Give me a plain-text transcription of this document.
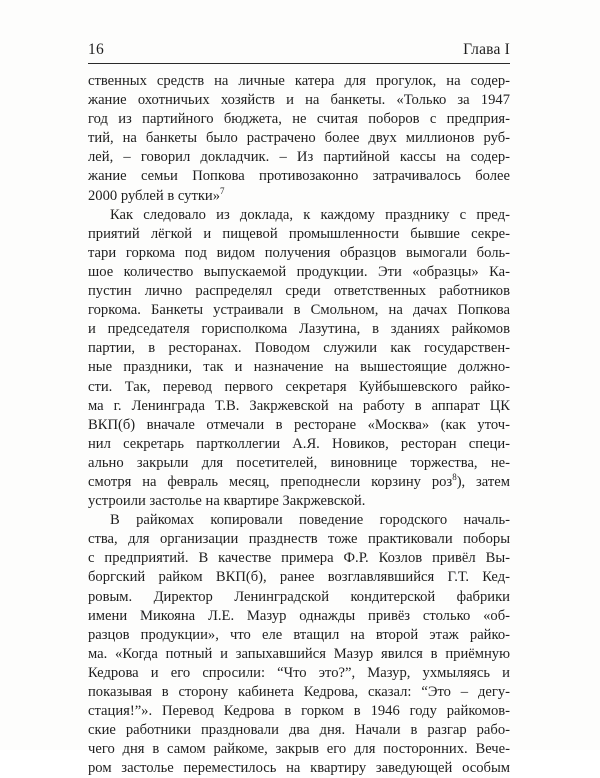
16	Глава I
ственных средств на личные катера для прогулок, на содер-
жание охотничьих хозяйств и на банкеты. «Только за 1947
год из партийного бюджета, не считая поборов с предприя-
тий, на банкеты было растрачено более двух миллионов руб-
лей, – говорил докладчик. – Из партийной кассы на содер-
жание семьи Попкова противозаконно затрачивалось более
2000 рублей в сутки»$^7$
Как следовало из доклада, к каждому празднику с пред-
приятий лёгкой и пищевой промышленности бывшие секре-
тари горкома под видом получения образцов вымогали боль-
шое количество выпускаемой продукции. Эти «образцы» Ка-
пустин лично распределял среди ответственных работников
горкома. Банкеты устраивали в Смольном, на дачах Попкова
и председателя горисполкома Лазутина, в зданиях райкомов
партии, в ресторанах. Поводом служили как государствен-
ные праздники, так и назначение на вышестоящие должно-
сти. Так, перевод первого секретаря Куйбышевского райко-
ма г. Ленинграда Т.В. Закржевской на работу в аппарат ЦК
ВКП(б) вначале отмечали в ресторане «Москва» (как уточ-
нил секретарь партколлегии А.Я. Новиков, ресторан специ-
ально закрыли для посетителей, виновнице торжества, не-
смотря на февраль месяц, преподнесли корзину роз$^8$), затем
устроили застолье на квартире Закржевской.
В райкомах копировали поведение городского началь-
ства, для организации празднеств тоже практиковали поборы
с предприятий. В качестве примера Ф.Р. Козлов привёл Вы-
боргский райком ВКП(б), ранее возглавлявшийся Г.Т. Кед-
ровым. Директор Ленинградской кондитерской фабрики
имени Микояна Л.Е. Мазур однажды привёз столько «об-
разцов продукции», что еле втащил на второй этаж райко-
ма. «Когда потный и запыхавшийся Мазур явился в приёмную
Кедрова и его спросили: “Что это?”, Мазур, ухмыляясь и
показывая в сторону кабинета Кедрова, сказал: “Это – дегу-
стация!”». Перевод Кедрова в горком в 1946 году райкомов-
ские работники праздновали два дня. Начали в разгар рабо-
чего дня в самом райкоме, закрыв его для посторонних. Вече-
ром застолье переместилось на квартиру заведующей особым
